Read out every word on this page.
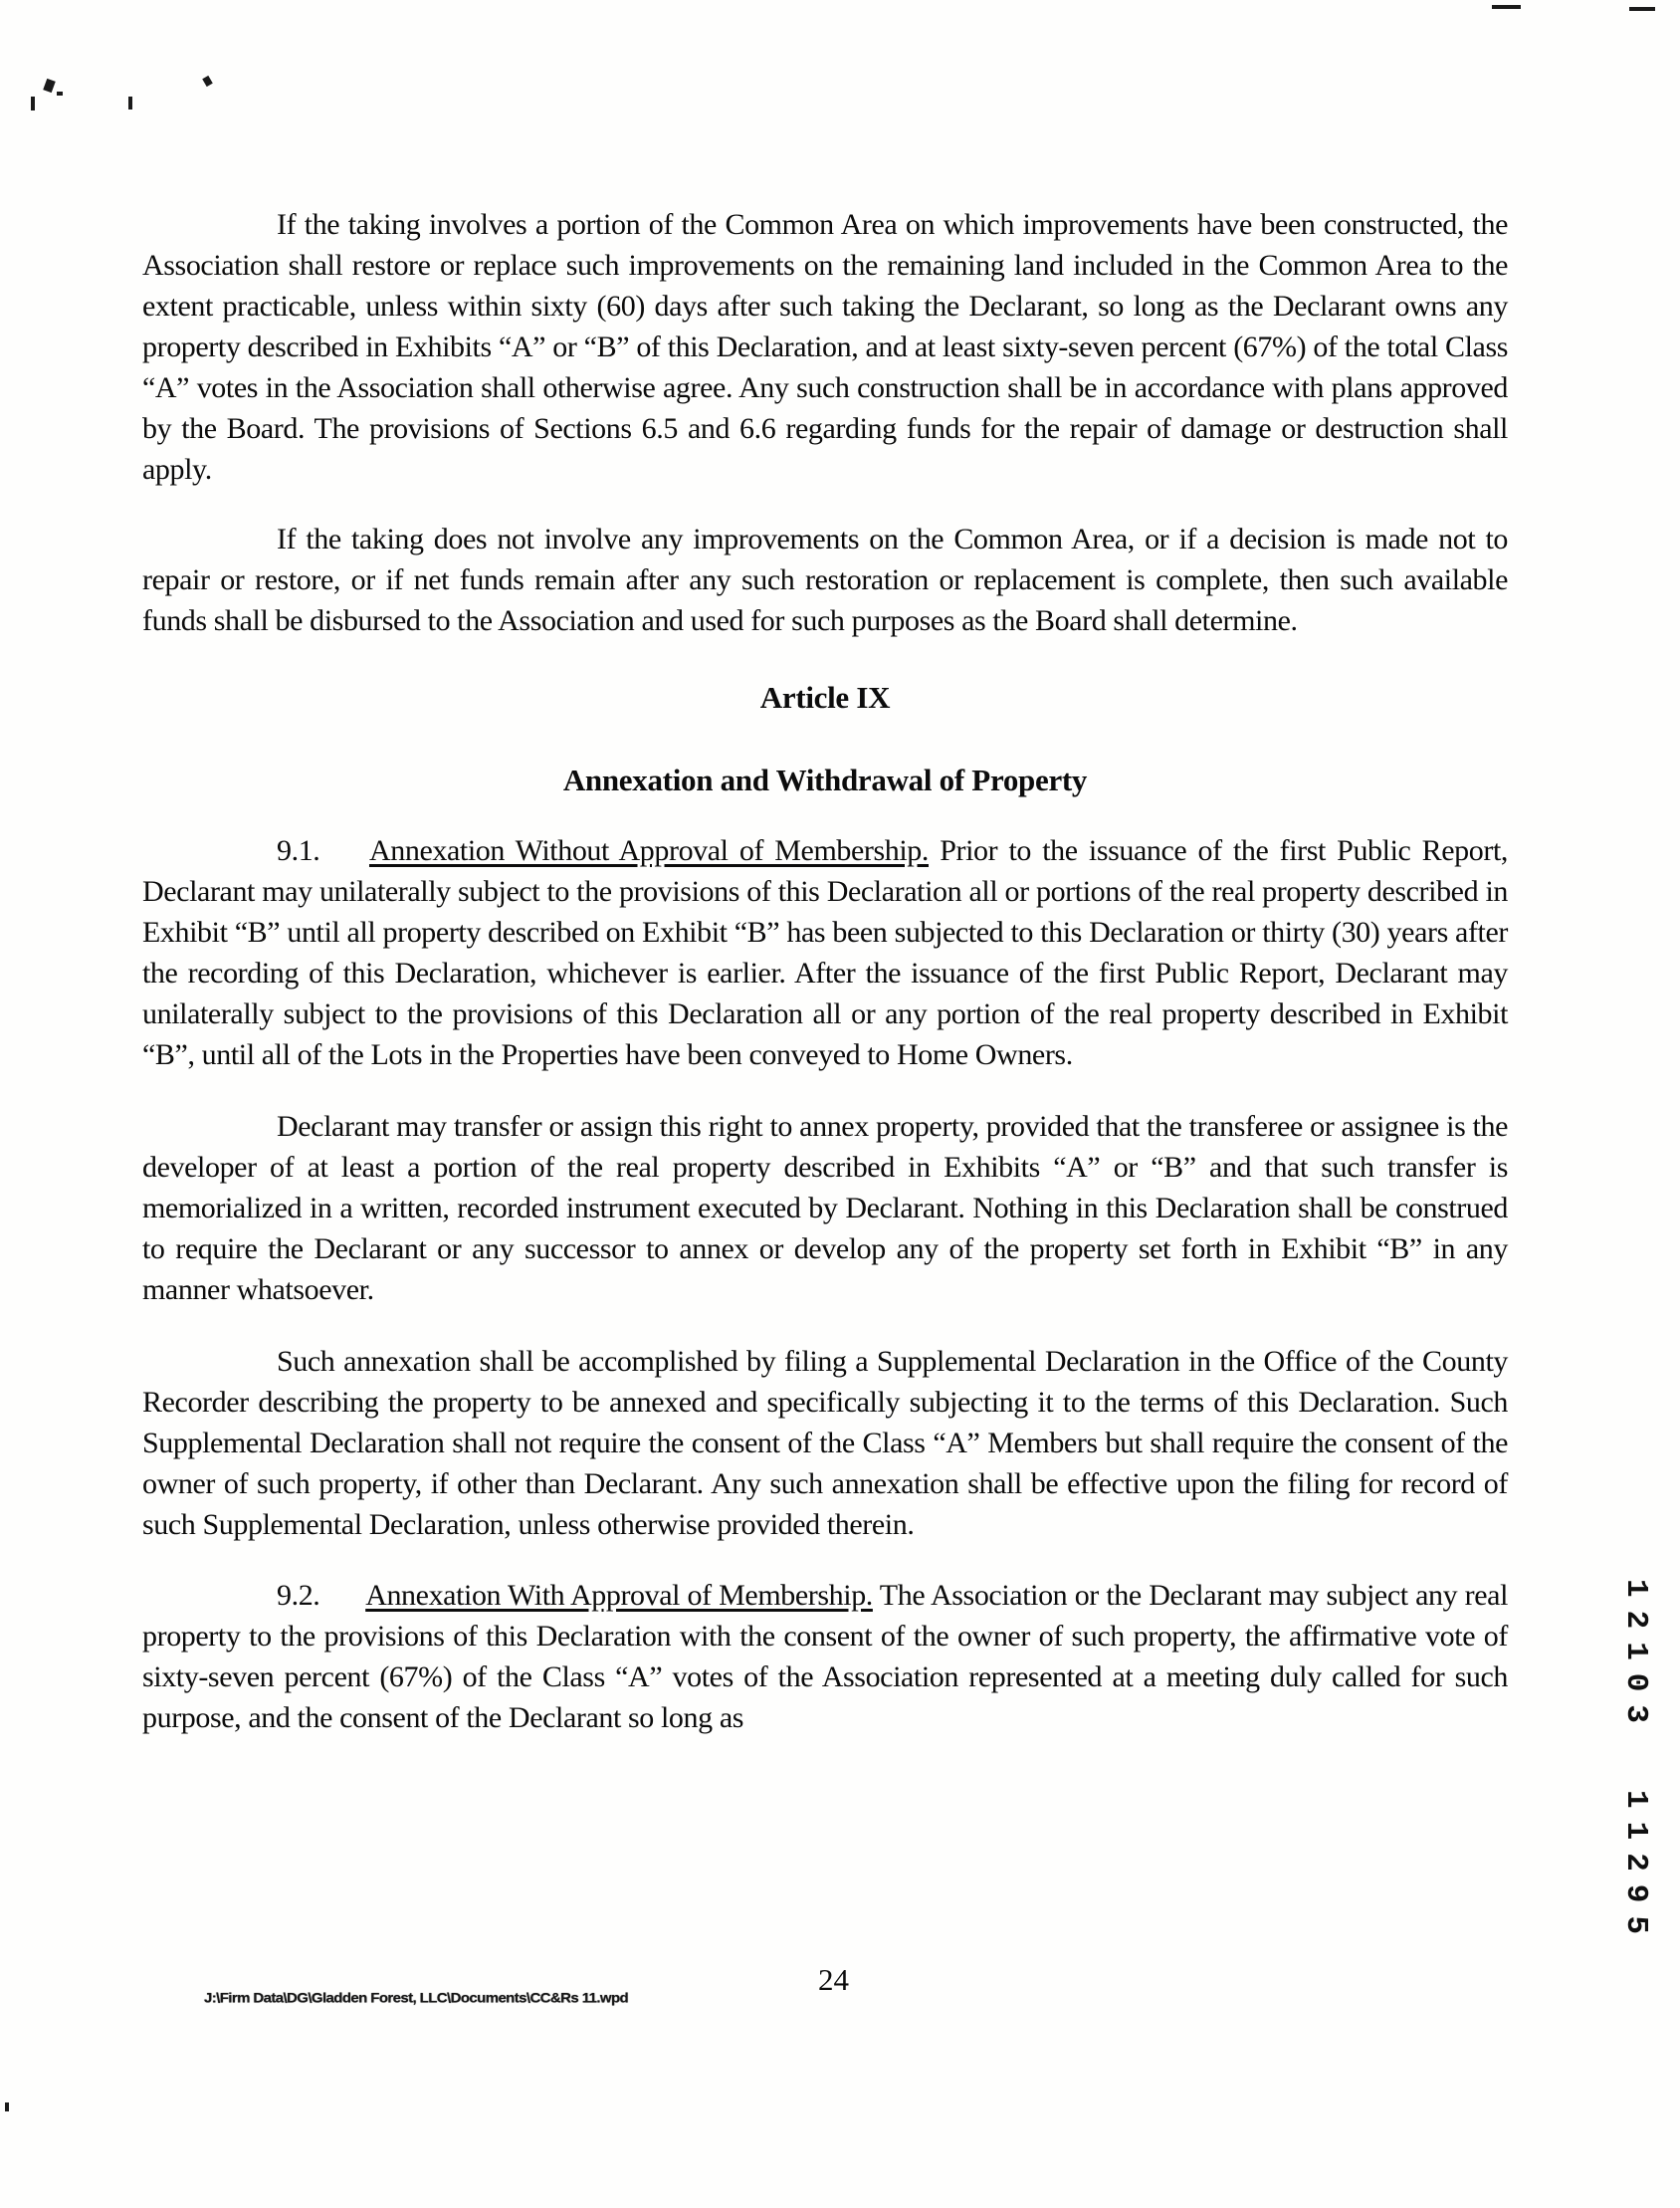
If the taking involves a portion of the Common Area on which improvements have been constructed, the Association shall restore or replace such improvements on the remaining land included in the Common Area to the extent practicable, unless within sixty (60) days after such taking the Declarant, so long as the Declarant owns any property described in Exhibits “A” or “B” of this Declaration, and at least sixty-seven percent (67%) of the total Class “A” votes in the Association shall otherwise agree. Any such construction shall be in accordance with plans approved by the Board. The provisions of Sections 6.5 and 6.6 regarding funds for the repair of damage or destruction shall apply.

If the taking does not involve any improvements on the Common Area, or if a decision is made not to repair or restore, or if net funds remain after any such restoration or replacement is complete, then such available funds shall be disbursed to the Association and used for such purposes as the Board shall determine.

Article IX
Annexation and Withdrawal of Property

9.1. Annexation Without Approval of Membership. Prior to the issuance of the first Public Report, Declarant may unilaterally subject to the provisions of this Declaration all or portions of the real property described in Exhibit “B” until all property described on Exhibit “B” has been subjected to this Declaration or thirty (30) years after the recording of this Declaration, whichever is earlier. After the issuance of the first Public Report, Declarant may unilaterally subject to the provisions of this Declaration all or any portion of the real property described in Exhibit “B”, until all of the Lots in the Properties have been conveyed to Home Owners.

Declarant may transfer or assign this right to annex property, provided that the transferee or assignee is the developer of at least a portion of the real property described in Exhibits “A” or “B” and that such transfer is memorialized in a written, recorded instrument executed by Declarant. Nothing in this Declaration shall be construed to require the Declarant or any successor to annex or develop any of the property set forth in Exhibit “B” in any manner whatsoever.

Such annexation shall be accomplished by filing a Supplemental Declaration in the Office of the County Recorder describing the property to be annexed and specifically subjecting it to the terms of this Declaration. Such Supplemental Declaration shall not require the consent of the Class “A” Members but shall require the consent of the owner of such property, if other than Declarant. Any such annexation shall be effective upon the filing for record of such Supplemental Declaration, unless otherwise provided therein.

9.2. Annexation With Approval of Membership. The Association or the Declarant may subject any real property to the provisions of this Declaration with the consent of the owner of such property, the affirmative vote of sixty-seven percent (67%) of the Class “A” votes of the Association represented at a meeting duly called for such purpose, and the consent of the Declarant so long as	12103
11295
J:\Firm Data\DG\Gladden Forest, LLC\Documents\CC&Rs 11.wpd
24
